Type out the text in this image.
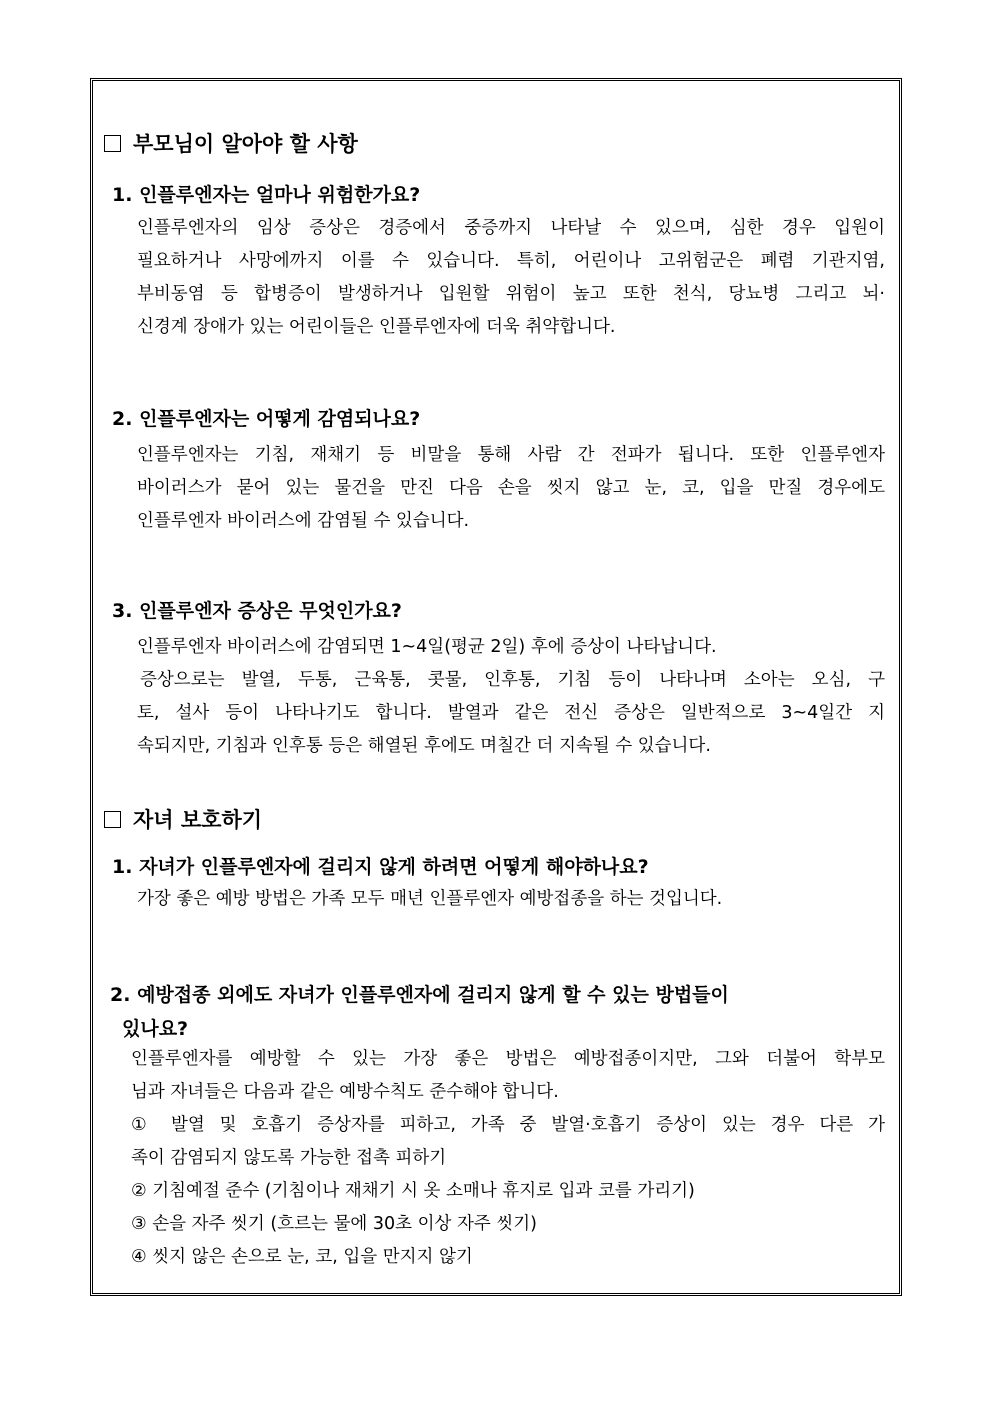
부모님이 알아야 할 사항
1. 인플루엔자는 얼마나 위험한가요?
인플루엔자의 임상 증상은 경증에서 중증까지 나타날 수 있으며, 심한 경우 입원이
필요하거나 사망에까지 이를 수 있습니다. 특히, 어린이나 고위험군은 폐렴 기관지염,
부비동염 등 합병증이 발생하거나 입원할 위험이 높고 또한 천식, 당뇨병 그리고 뇌·
신경계 장애가 있는 어린이들은 인플루엔자에 더욱 취약합니다.
2. 인플루엔자는 어떻게 감염되나요?
인플루엔자는 기침, 재채기 등 비말을 통해 사람 간 전파가 됩니다. 또한 인플루엔자
바이러스가 묻어 있는 물건을 만진 다음 손을 씻지 않고 눈, 코, 입을 만질 경우에도
인플루엔자 바이러스에 감염될 수 있습니다.
3. 인플루엔자 증상은 무엇인가요?
인플루엔자 바이러스에 감염되면 1~4일(평균 2일) 후에 증상이 나타납니다.
증상으로는 발열, 두통, 근육통, 콧물, 인후통, 기침 등이 나타나며 소아는 오심, 구
토, 설사 등이 나타나기도 합니다. 발열과 같은 전신 증상은 일반적으로 3~4일간 지
속되지만, 기침과 인후통 등은 해열된 후에도 며칠간 더 지속될 수 있습니다.
자녀 보호하기
1. 자녀가 인플루엔자에 걸리지 않게 하려면 어떻게 해야하나요?
가장 좋은 예방 방법은 가족 모두 매년 인플루엔자 예방접종을 하는 것입니다.
2. 예방접종 외에도 자녀가 인플루엔자에 걸리지 않게 할 수 있는 방법들이
있나요?
인플루엔자를 예방할 수 있는 가장 좋은 방법은 예방접종이지만, 그와 더불어 학부모
님과 자녀들은 다음과 같은 예방수칙도 준수해야 합니다.
① 발열 및 호흡기 증상자를 피하고, 가족 중 발열·호흡기 증상이 있는 경우 다른 가
족이 감염되지 않도록 가능한 접촉 피하기
② 기침예절 준수 (기침이나 재채기 시 옷 소매나 휴지로 입과 코를 가리기)
③ 손을 자주 씻기 (흐르는 물에 30초 이상 자주 씻기)
④ 씻지 않은 손으로 눈, 코, 입을 만지지 않기
